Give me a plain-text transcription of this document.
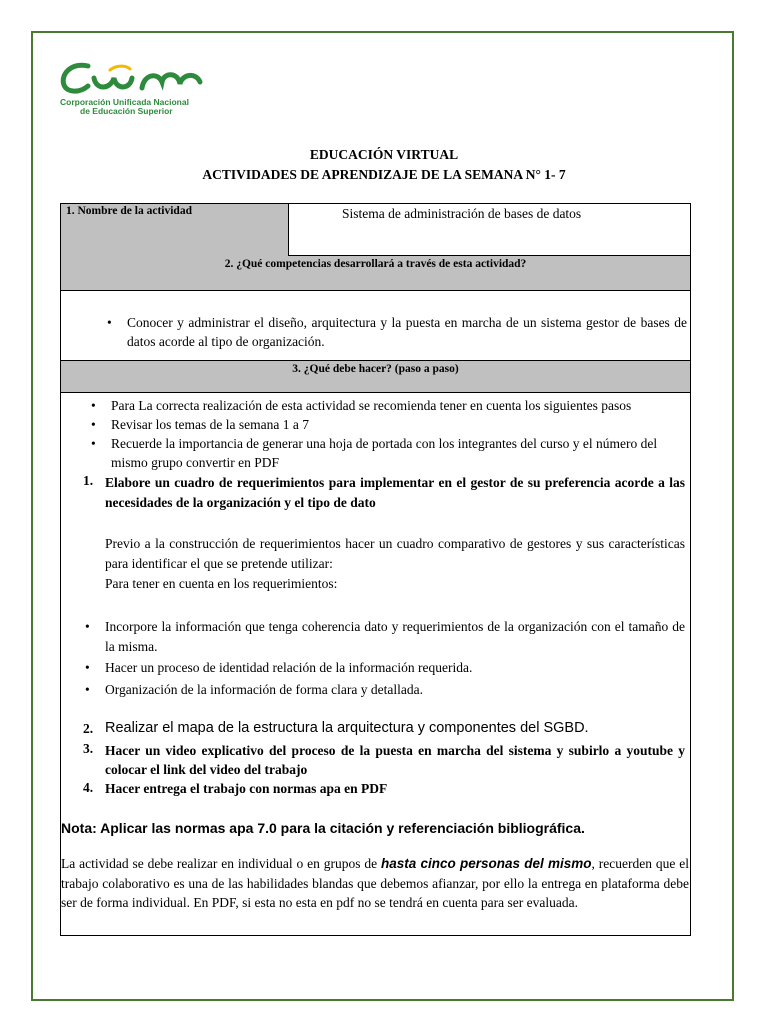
Corporación Unificada Nacional
de Educación Superior
EDUCACIÓN VIRTUAL
ACTIVIDADES DE APRENDIZAJE DE LA SEMANA N° 1- 7
1. Nombre de la actividad	Sistema de administración de bases de datos
2. ¿Qué competencias desarrollará a través de esta actividad?
• Conocer y administrar el diseño, arquitectura y la puesta en marcha de un sistema gestor de bases de datos acorde al tipo de organización.
3. ¿Qué debe hacer? (paso a paso)
• Para La correcta realización de esta actividad se recomienda tener en cuenta los siguientes pasos
• Revisar los temas de la semana 1 a 7
• Recuerde la importancia de generar una hoja de portada con los integrantes del curso y el número del mismo grupo convertir en PDF
1. Elabore un cuadro de requerimientos para implementar en el gestor de su preferencia acorde a las necesidades de la organización y el tipo de dato
Previo a la construcción de requerimientos hacer un cuadro comparativo de gestores y sus características para identificar el que se pretende utilizar:
Para tener en cuenta en los requerimientos:
• Incorpore la información que tenga coherencia dato y requerimientos de la organización con el tamaño de la misma.
• Hacer un proceso de identidad relación de la información requerida.
• Organización de la información de forma clara y detallada.
2. Realizar el mapa de la estructura la arquitectura y componentes del SGBD.
3. Hacer un video explicativo del proceso de la puesta en marcha del sistema y subirlo a youtube y colocar el link del video del trabajo
4. Hacer entrega el trabajo con normas apa en PDF
Nota: Aplicar las normas apa 7.0 para la citación y referenciación bibliográfica.
La actividad se debe realizar en individual o en grupos de hasta cinco personas del mismo, recuerden que el trabajo colaborativo es una de las habilidades blandas que debemos afianzar, por ello la entrega en plataforma debe ser de forma individual. En PDF, si esta no esta en pdf no se tendrá en cuenta para ser evaluada.
